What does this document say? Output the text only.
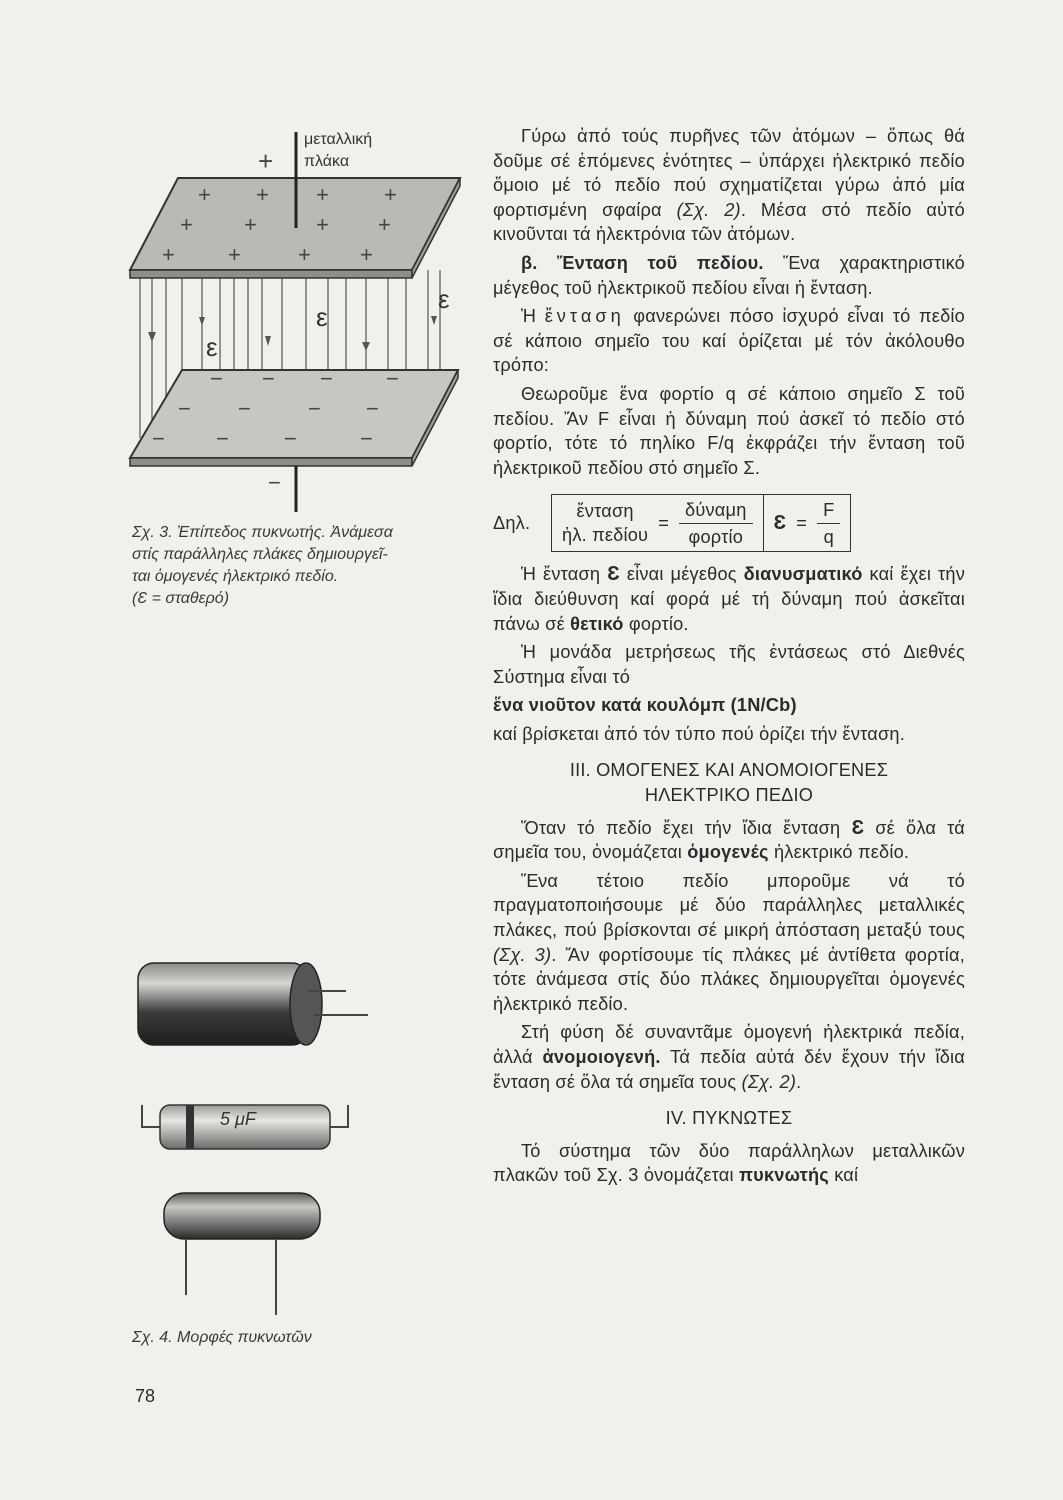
μεταλλική
πλάκα
+
+ + +	+
+ +	+ +
+ +	+ +
− − − −
− −	− −
− −	−	−
−
ε
ε
ε
Σχ. 3. Ἐπίπεδος πυκνωτής. Ἀνάμεσα
στίς παράλληλες πλάκες δημιουργεῖ-
ται ὁμογενές ἠλεκτρικό πεδίο.
(Ɛ = σταθερό)
5 μF
Σχ. 4. Μορφές πυκνωτῶν
78

Γύρω ἀπό τούς πυρῆνες τῶν ἀτόμων – ὅπως θά δοῦμε σέ ἑπόμενες ἑνότητες – ὑπάρχει ἠλεκτρικό πεδίο ὅμοιο μέ τό πεδίο πού σχηματίζεται γύρω ἀπό μία φορτισμένη σφαίρα (Σχ. 2). Μέσα στό πεδίο αὐτό κινοῦνται τά ἠλεκτρόνια τῶν ἀτόμων.

β. Ἔνταση τοῦ πεδίου. Ἕνα χαρακτηριστικό μέγεθος τοῦ ἠλεκτρικοῦ πεδίου εἶναι ἡ ἔνταση.

Ἡ ἔνταση φανερώνει πόσο ἰσχυρό εἶναι τό πεδίο σέ κάποιο σημεῖο του καί ὁρίζεται μέ τόν ἀκόλουθο τρόπο:

Θεωροῦμε ἕνα φορτίο q σέ κάποιο σημεῖο Σ τοῦ πεδίου. Ἄν F εἶναι ἡ δύναμη πού ἀσκεῖ τό πεδίο στό φορτίο, τότε τό πηλίκο F/q ἐκφράζει τήν ἔνταση τοῦ ἠλεκτρικοῦ πεδίου στό σημεῖο Σ.

Δηλ.
ἔνταση
ἠλ. πεδίου
= $\frac{\text{δύναμη}}{\text{φορτίο}}$ Ɛ = $\frac{F}{q}$

Ἡ ἔνταση Ɛ εἶναι μέγεθος διανυσματικό καί ἔχει τήν ἴδια διεύθυνση καί φορά μέ τή δύναμη πού ἀσκεῖται πάνω σέ θετικό φορτίο.

Ἡ μονάδα μετρήσεως τῆς ἐντάσεως στό Διεθνές Σύστημα εἶναι τό

ἕνα νιοῦτον κατά κουλόμπ (1N/Cb)

καί βρίσκεται ἀπό τόν τύπο πού ὁρίζει τήν ἔνταση.

ΙΙΙ. ΟΜΟΓΕΝΕΣ ΚΑΙ ΑΝΟΜΟΙΟΓΕΝΕΣ
ΗΛΕΚΤΡΙΚΟ ΠΕΔΙΟ

Ὅταν τό πεδίο ἔχει τήν ἴδια ἔνταση Ɛ σέ ὅλα τά σημεῖα του, ὀνομάζεται ὁμογενές ἠλεκτρικό πεδίο.

Ἕνα τέτοιο πεδίο μποροῦμε νά τό πραγματοποιήσουμε μέ δύο παράλληλες μεταλλικές πλάκες, πού βρίσκονται σέ μικρή ἀπόσταση μεταξύ τους (Σχ. 3). Ἄν φορτίσουμε τίς πλάκες μέ ἀντίθετα φορτία, τότε ἀνάμεσα στίς δύο πλάκες δημιουργεῖται ὁμογενές ἠλεκτρικό πεδίο.

Στή φύση δέ συναντᾶμε ὁμογενή ἠλεκτρικά πεδία, ἀλλά ἀνομοιογενή. Τά πεδία αὐτά δέν ἔχουν τήν ἴδια ἔνταση σέ ὅλα τά σημεῖα τους (Σχ. 2).

IV. ΠΥΚΝΩΤΕΣ

Τό σύστημα τῶν δύο παράλληλων μεταλλικῶν πλακῶν τοῦ Σχ. 3 ὀνομάζεται πυκνωτής καί
